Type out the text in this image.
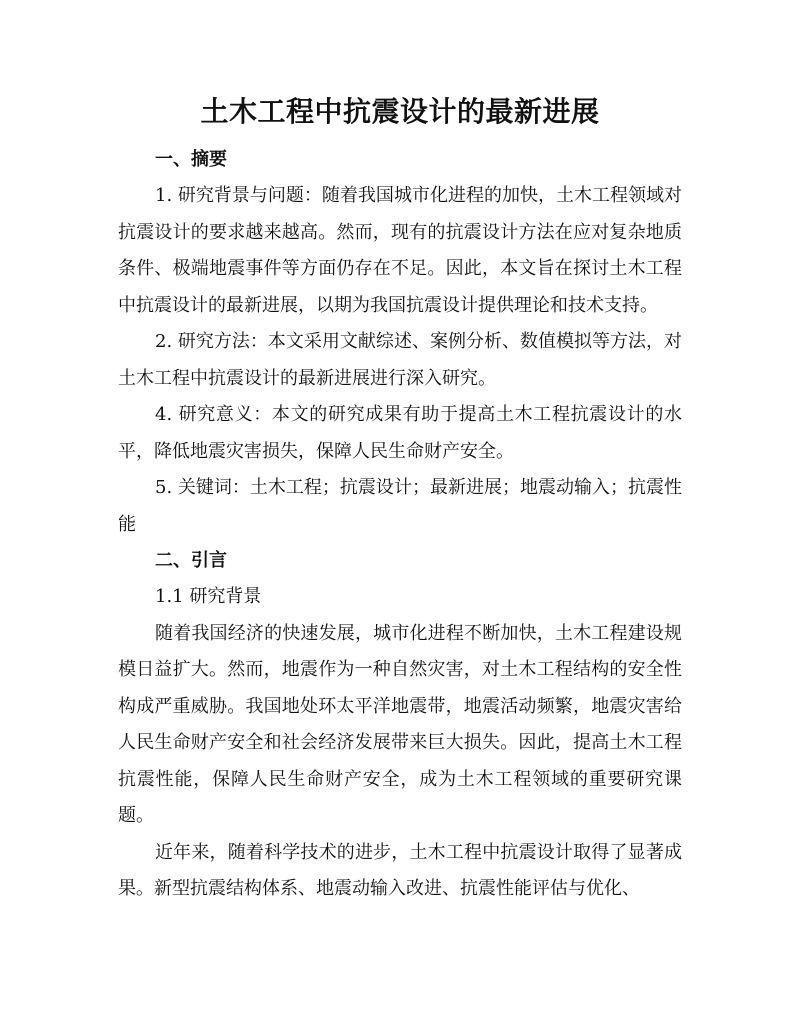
土木工程中抗震设计的最新进展
一、摘要

1. 研究背景与问题：随着我国城市化进程的加快，土木工程领域对抗震设计的要求越来越高。然而，现有的抗震设计方法在应对复杂地质条件、极端地震事件等方面仍存在不足。因此，本文旨在探讨土木工程中抗震设计的最新进展，以期为我国抗震设计提供理论和技术支持。

2. 研究方法：本文采用文献综述、案例分析、数值模拟等方法，对土木工程中抗震设计的最新进展进行深入研究。

4. 研究意义：本文的研究成果有助于提高土木工程抗震设计的水平，降低地震灾害损失，保障人民生命财产安全。

5. 关键词：土木工程；抗震设计；最新进展；地震动输入；抗震性能

二、引言

1.1 研究背景

随着我国经济的快速发展，城市化进程不断加快，土木工程建设规模日益扩大。然而，地震作为一种自然灾害，对土木工程结构的安全性构成严重威胁。我国地处环太平洋地震带，地震活动频繁，地震灾害给人民生命财产安全和社会经济发展带来巨大损失。因此，提高土木工程抗震性能，保障人民生命财产安全，成为土木工程领域的重要研究课题。

近年来，随着科学技术的进步，土木工程中抗震设计取得了显著成果。新型抗震结构体系、地震动输入改进、抗震性能评估与优化、
